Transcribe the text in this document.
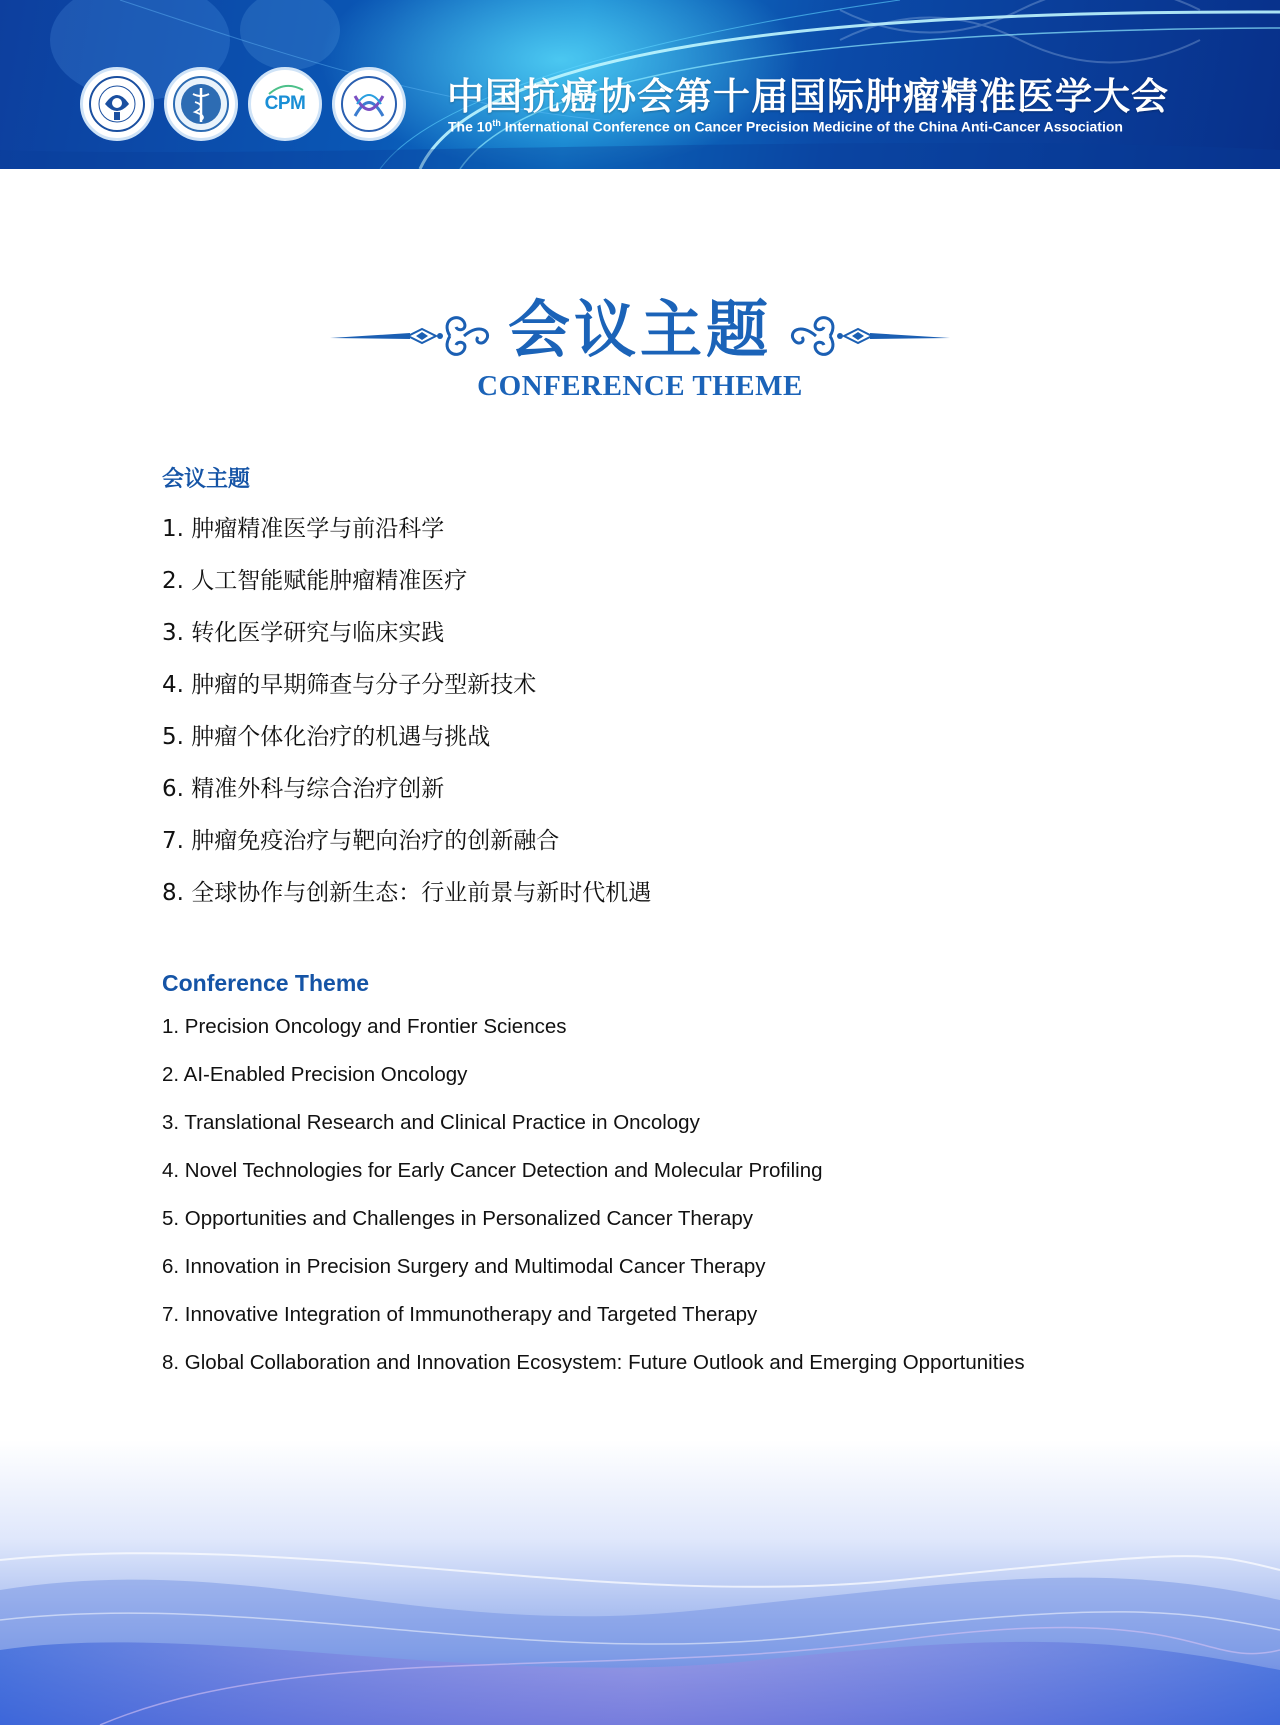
CPM	中国抗癌协会第十届国际肿瘤精准医学大会
The 10th International Conference on Cancer Precision Medicine of the China Anti-Cancer Association
会议主题
CONFERENCE THEME
会议主题
1. 肿瘤精准医学与前沿科学
2. 人工智能赋能肿瘤精准医疗
3. 转化医学研究与临床实践
4. 肿瘤的早期筛查与分子分型新技术
5. 肿瘤个体化治疗的机遇与挑战
6. 精准外科与综合治疗创新
7. 肿瘤免疫治疗与靶向治疗的创新融合
8. 全球协作与创新生态：行业前景与新时代机遇
Conference Theme
1. Precision Oncology and Frontier Sciences
2. AI-Enabled Precision Oncology
3. Translational Research and Clinical Practice in Oncology
4. Novel Technologies for Early Cancer Detection and Molecular Profiling
5. Opportunities and Challenges in Personalized Cancer Therapy
6. Innovation in Precision Surgery and Multimodal Cancer Therapy
7. Innovative Integration of Immunotherapy and Targeted Therapy
8. Global Collaboration and Innovation Ecosystem: Future Outlook and Emerging Opportunities
